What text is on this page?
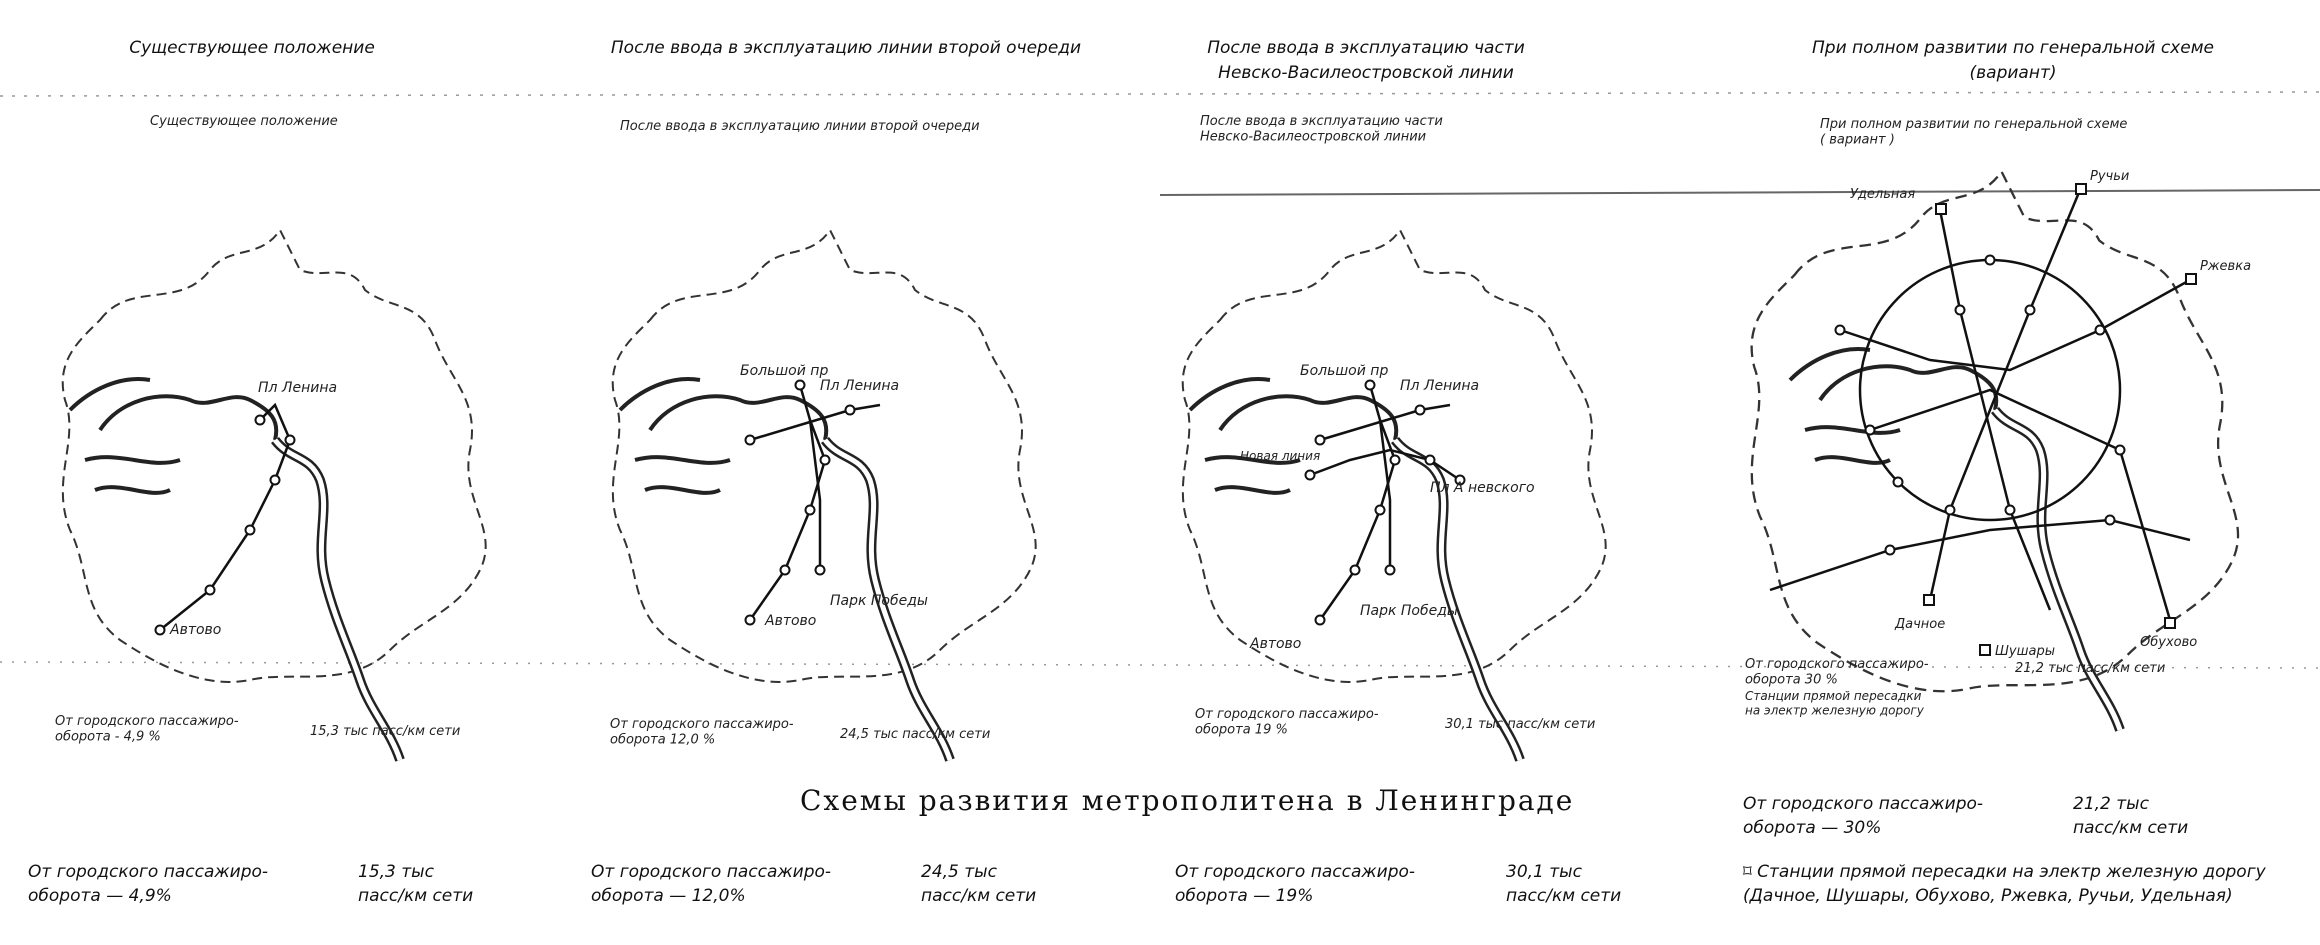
Существующее положение	После ввода в эксплуатацию линии второй очереди	После ввода в эксплуатацию части
Невско-Василеостровской линии
При полном развитии по генеральной схеме
(вариант)
Существующее положение
Пл Ленина
Автово
От городского пассажиро-оборота - 4,9 %	15,3 тыс пасс/км сети
После ввода в эксплуатацию линии второй очереди
Большой пр
Пл Ленина
Парк Победы
Автово
От городского пассажиро-оборота 12,0 %	24,5 тыс пасс/км сети
После ввода в эксплуатацию части Невско-Василеостровской линии
Большой пр
Пл Ленина
Новая линия
Пл А невского
Парк Победы
Автово
От городского пассажиро-оборота 19 %	30,1 тыс пасс/км сети
При полном развитии по генеральной схеме ( вариант )
Удельная
Ручьи
Ржевка
Дачное
Шушары
Обухово
От городского пассажиро-оборота 30 %
Станции прямой пересадки на электр железную дорогу
21,2 тыс пасс/км сети
Схемы развития метрополитена в Ленинграде
От городского пассажиро-
оборота — 4,9%
15,3 тыс
пасс/км сети
От городского пассажиро-
оборота — 12,0%
24,5 тыс
пасс/км сети
От городского пассажиро-
оборота — 19%
30,1 тыс
пасс/км сети
От городского пассажиро-
оборота — 30%
21,2 тыс
пасс/км сети
⌑ Станции прямой пересадки на электр железную дорогу
(Дачное, Шушары, Обухово, Ржевка, Ручьи, Удельная)
